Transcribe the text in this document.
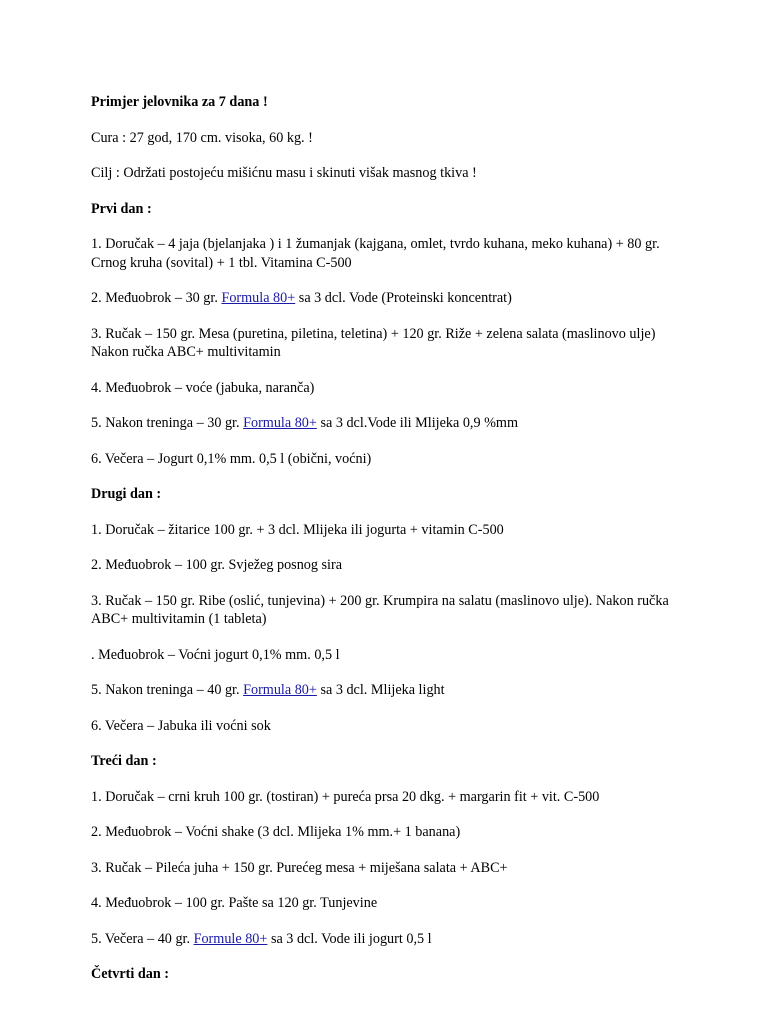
Primjer jelovnika za 7 dana !

Cura : 27 god, 170 cm. visoka, 60 kg. !

Cilj : Održati postojeću mišićnu masu i skinuti višak masnog tkiva !

Prvi dan :

1. Doručak – 4 jaja (bjelanjaka ) i 1 žumanjak (kajgana, omlet, tvrdo kuhana, meko kuhana) + 80 gr. Crnog kruha (sovital) + 1 tbl. Vitamina C-500

2. Međuobrok – 30 gr. Formula 80+ sa 3 dcl. Vode (Proteinski koncentrat)

3. Ručak – 150 gr. Mesa (puretina, piletina, teletina) + 120 gr. Riže + zelena salata (maslinovo ulje) Nakon ručka ABC+ multivitamin

4. Međuobrok – voće (jabuka, naranča)

5. Nakon treninga – 30 gr. Formula 80+ sa 3 dcl.Vode ili Mlijeka 0,9 %mm

6. Večera – Jogurt 0,1% mm. 0,5 l (obični, voćni)

Drugi dan :

1. Doručak – žitarice 100 gr. + 3 dcl. Mlijeka ili jogurta + vitamin C-500

2. Međuobrok – 100 gr. Svježeg posnog sira

3. Ručak – 150 gr. Ribe (oslić, tunjevina) + 200 gr. Krumpira na salatu (maslinovo ulje). Nakon ručka ABC+ multivitamin (1 tableta)

. Međuobrok – Voćni jogurt 0,1% mm. 0,5 l

5. Nakon treninga – 40 gr. Formula 80+ sa 3 dcl. Mlijeka light

6. Večera – Jabuka ili voćni sok

Treći dan :

1. Doručak – crni kruh 100 gr. (tostiran) + pureća prsa 20 dkg. + margarin fit + vit. C-500

2. Međuobrok – Voćni shake (3 dcl. Mlijeka 1% mm.+ 1 banana)

3. Ručak – Pileća juha + 150 gr. Purećeg mesa + miješana salata + ABC+

4. Međuobrok – 100 gr. Pašte sa 120 gr. Tunjevine

5. Večera – 40 gr. Formule 80+ sa 3 dcl. Vode ili jogurt 0,5 l

Četvrti dan :
